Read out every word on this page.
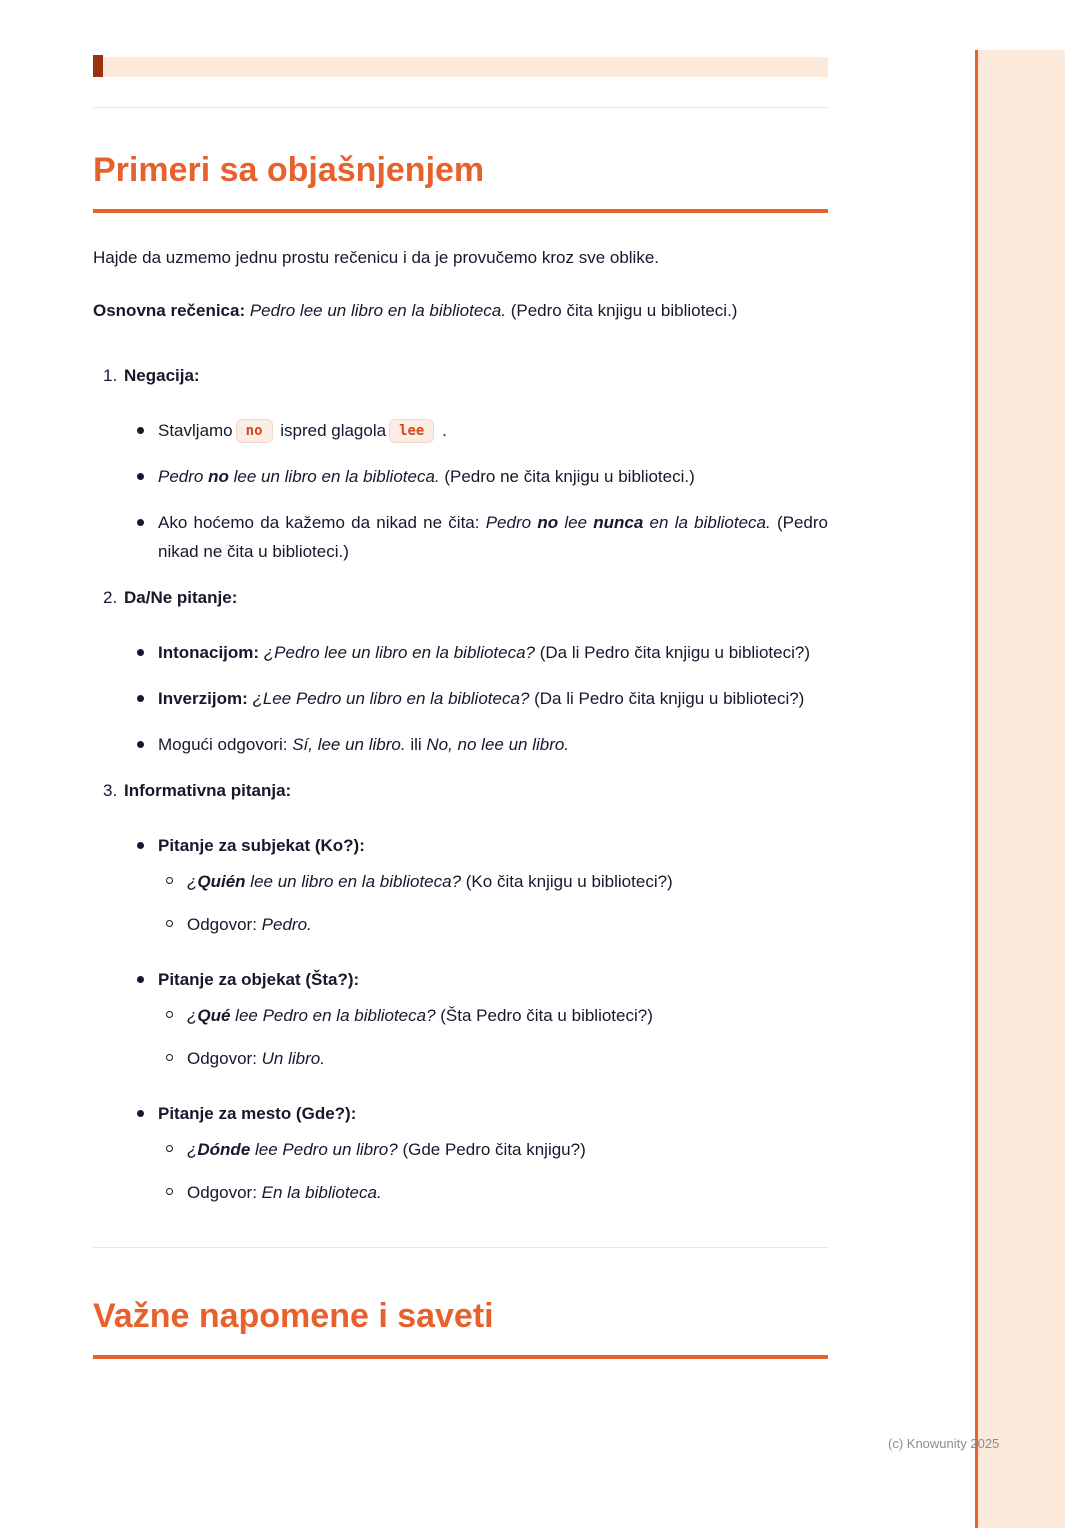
Primeri sa objašnjenjem

Hajde da uzmemo jednu prostu rečenicu i da je provučemo kroz sve oblike.

Osnovna rečenica: Pedro lee un libro en la biblioteca. (Pedro čita knjigu u biblioteci.)

1. Negacija:
Stavljamo no ispred glagola lee .
Pedro no lee un libro en la biblioteca. (Pedro ne čita knjigu u biblioteci.)
Ako hoćemo da kažemo da nikad ne čita: Pedro no lee nunca en la biblioteca. (Pedro nikad ne čita u biblioteci.)
2. Da/Ne pitanje:
Intonacijom: ¿Pedro lee un libro en la biblioteca? (Da li Pedro čita knjigu u biblioteci?)
Inverzijom: ¿Lee Pedro un libro en la biblioteca? (Da li Pedro čita knjigu u biblioteci?)
Mogući odgovori: Sí, lee un libro. ili No, no lee un libro.
3. Informativna pitanja:
Pitanje za subjekat (Ko?):
¿Quién lee un libro en la biblioteca? (Ko čita knjigu u biblioteci?)
Odgovor: Pedro.
Pitanje za objekat (Šta?):
¿Qué lee Pedro en la biblioteca? (Šta Pedro čita u biblioteci?)
Odgovor: Un libro.
Pitanje za mesto (Gde?):
¿Dónde lee Pedro un libro? (Gde Pedro čita knjigu?)
Odgovor: En la biblioteca.
Važne napomene i saveti
(c) Knowunity 2025
